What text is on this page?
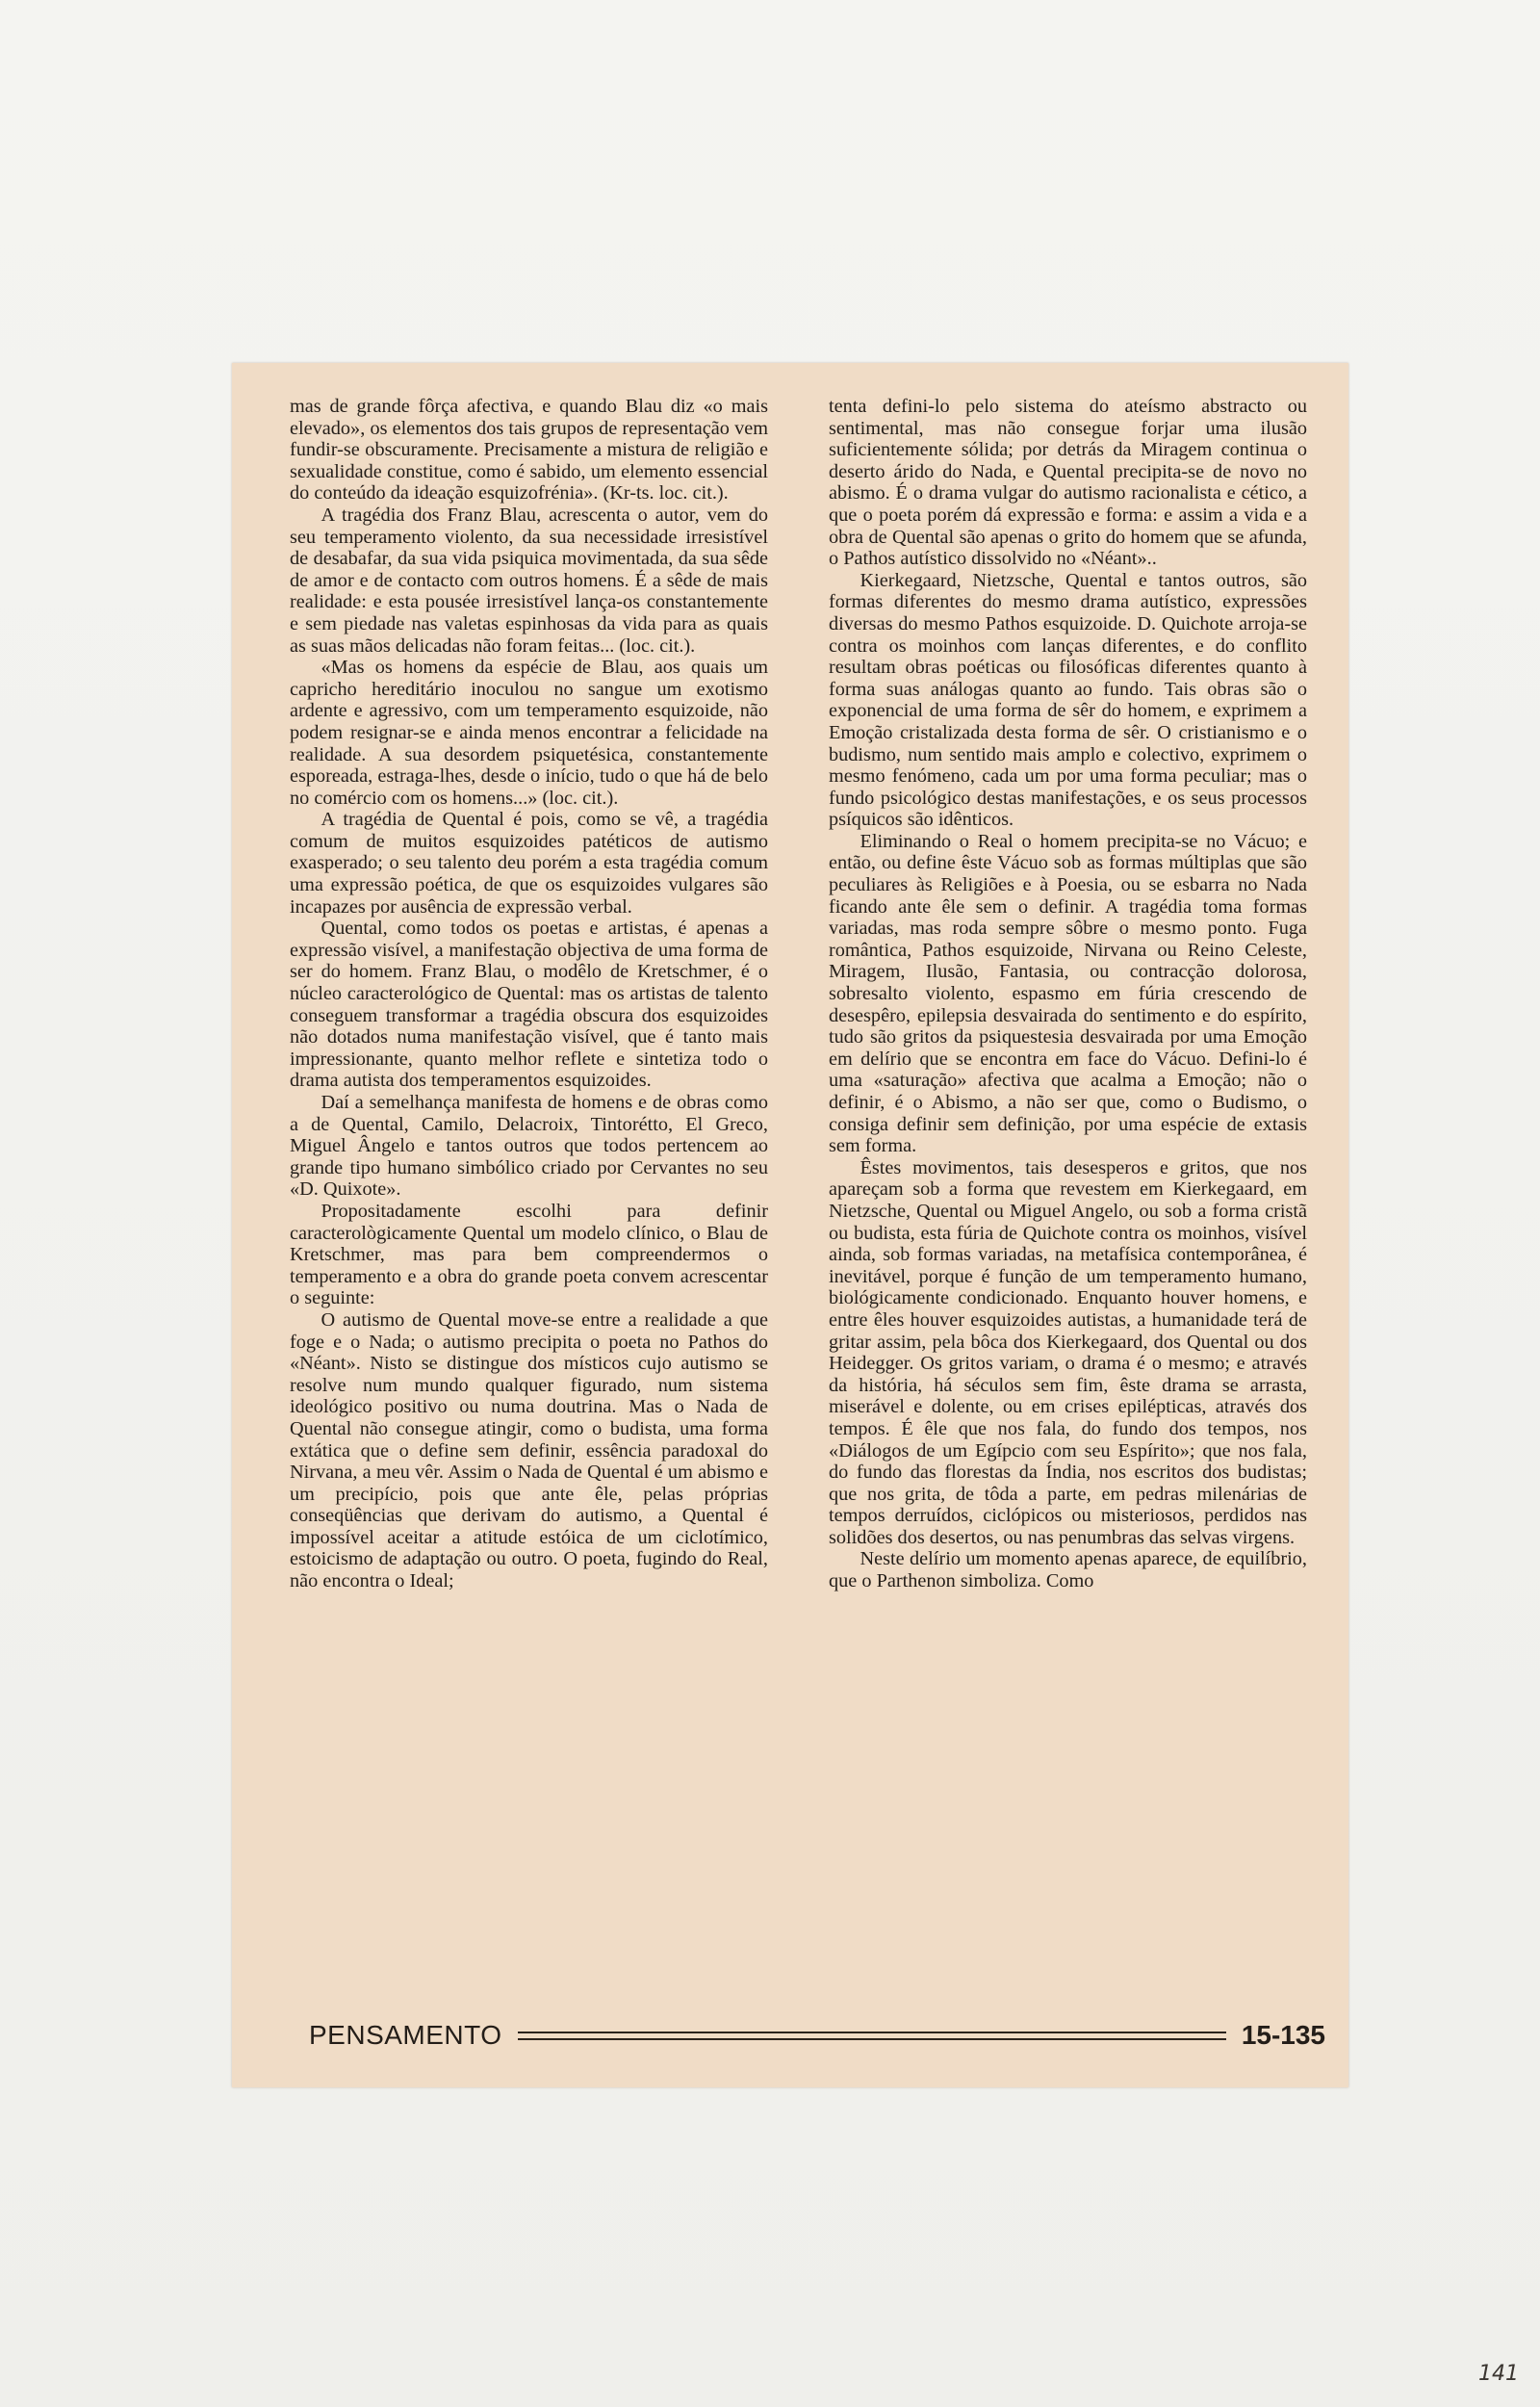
mas de grande fôrça afectiva, e quando Blau diz «o mais elevado», os elementos dos tais grupos de representação vem fundir-se obscuramente. Precisamente a mistura de religião e sexualidade constitue, como é sabido, um elemento essencial do conteúdo da ideação esquizofrénia». (Kr-ts. loc. cit.).

A tragédia dos Franz Blau, acrescenta o autor, vem do seu temperamento violento, da sua necessidade irresistível de desabafar, da sua vida psiquica movimentada, da sua sêde de amor e de contacto com outros homens. É a sêde de mais realidade: e esta pousée irresistível lança-os constantemente e sem piedade nas valetas espinhosas da vida para as quais as suas mãos delicadas não foram feitas... (loc. cit.).

«Mas os homens da espécie de Blau, aos quais um capricho hereditário inoculou no sangue um exotismo ardente e agressivo, com um temperamento esquizoide, não podem resignar-se e ainda menos encontrar a felicidade na realidade. A sua desordem psiquetésica, constantemente esporeada, estraga-lhes, desde o início, tudo o que há de belo no comércio com os homens...» (loc. cit.).

A tragédia de Quental é pois, como se vê, a tragédia comum de muitos esquizoides patéticos de autismo exasperado; o seu talento deu porém a esta tragédia comum uma expressão poética, de que os esquizoides vulgares são incapazes por ausência de expressão verbal.

Quental, como todos os poetas e artistas, é apenas a expressão visível, a manifestação objectiva de uma forma de ser do homem. Franz Blau, o modêlo de Kretschmer, é o núcleo caracterológico de Quental: mas os artistas de talento conseguem transformar a tragédia obscura dos esquizoides não dotados numa manifestação visível, que é tanto mais impressionante, quanto melhor reflete e sintetiza todo o drama autista dos temperamentos esquizoides.

Daí a semelhança manifesta de homens e de obras como a de Quental, Camilo, Delacroix, Tintorétto, El Greco, Miguel Ângelo e tantos outros que todos pertencem ao grande tipo humano simbólico criado por Cervantes no seu «D. Quixote».

Propositadamente escolhi para definir caracterològicamente Quental um modelo clínico, o Blau de Kretschmer, mas para bem compreendermos o temperamento e a obra do grande poeta convem acrescentar o seguinte:

O autismo de Quental move-se entre a realidade a que foge e o Nada; o autismo precipita o poeta no Pathos do «Néant». Nisto se distingue dos místicos cujo autismo se resolve num mundo qualquer figurado, num sistema ideológico positivo ou numa doutrina. Mas o Nada de Quental não consegue atingir, como o budista, uma forma extática que o define sem definir, essência paradoxal do Nirvana, a meu vêr. Assim o Nada de Quental é um abismo e um precipício, pois que ante êle, pelas próprias conseqüências que derivam do autismo, a Quental é impossível aceitar a atitude estóica de um ciclotímico, estoicismo de adaptação ou outro. O poeta, fugindo do Real, não encontra o Ideal;

tenta defini-lo pelo sistema do ateísmo abstracto ou sentimental, mas não consegue forjar uma ilusão suficientemente sólida; por detrás da Miragem continua o deserto árido do Nada, e Quental precipita-se de novo no abismo. É o drama vulgar do autismo racionalista e cético, a que o poeta porém dá expressão e forma: e assim a vida e a obra de Quental são apenas o grito do homem que se afunda, o Pathos autístico dissolvido no «Néant»..

Kierkegaard, Nietzsche, Quental e tantos outros, são formas diferentes do mesmo drama autístico, expressões diversas do mesmo Pathos esquizoide. D. Quichote arroja-se contra os moinhos com lanças diferentes, e do conflito resultam obras poéticas ou filosóficas diferentes quanto à forma suas análogas quanto ao fundo. Tais obras são o exponencial de uma forma de sêr do homem, e exprimem a Emoção cristalizada desta forma de sêr. O cristianismo e o budismo, num sentido mais amplo e colectivo, exprimem o mesmo fenómeno, cada um por uma forma peculiar; mas o fundo psicológico destas manifestações, e os seus processos psíquicos são idênticos.

Eliminando o Real o homem precipita-se no Vácuo; e então, ou define êste Vácuo sob as formas múltiplas que são peculiares às Religiões e à Poesia, ou se esbarra no Nada ficando ante êle sem o definir. A tragédia toma formas variadas, mas roda sempre sôbre o mesmo ponto. Fuga romântica, Pathos esquizoide, Nirvana ou Reino Celeste, Miragem, Ilusão, Fantasia, ou contracção dolorosa, sobresalto violento, espasmo em fúria crescendo de desespêro, epilepsia desvairada do sentimento e do espírito, tudo são gritos da psiquestesia desvairada por uma Emoção em delírio que se encontra em face do Vácuo. Defini-lo é uma «saturação» afectiva que acalma a Emoção; não o definir, é o Abismo, a não ser que, como o Budismo, o consiga definir sem definição, por uma espécie de extasis sem forma.

Êstes movimentos, tais desesperos e gritos, que nos apareçam sob a forma que revestem em Kierkegaard, em Nietzsche, Quental ou Miguel Angelo, ou sob a forma cristã ou budista, esta fúria de Quichote contra os moinhos, visível ainda, sob formas variadas, na metafísica contemporânea, é inevitável, porque é função de um temperamento humano, biológicamente condicionado. Enquanto houver homens, e entre êles houver esquizoides autistas, a humanidade terá de gritar assim, pela bôca dos Kierkegaard, dos Quental ou dos Heidegger. Os gritos variam, o drama é o mesmo; e através da história, há séculos sem fim, êste drama se arrasta, miserável e dolente, ou em crises epilépticas, através dos tempos. É êle que nos fala, do fundo dos tempos, nos «Diálogos de um Egípcio com seu Espírito»; que nos fala, do fundo das florestas da Índia, nos escritos dos budistas; que nos grita, de tôda a parte, em pedras milenárias de tempos derruídos, ciclópicos ou misteriosos, perdidos nas solidões dos desertos, ou nas penumbras das selvas virgens.

Neste delírio um momento apenas aparece, de equilíbrio, que o Parthenon simboliza. Como

PENSAMENTO	15-135
141
